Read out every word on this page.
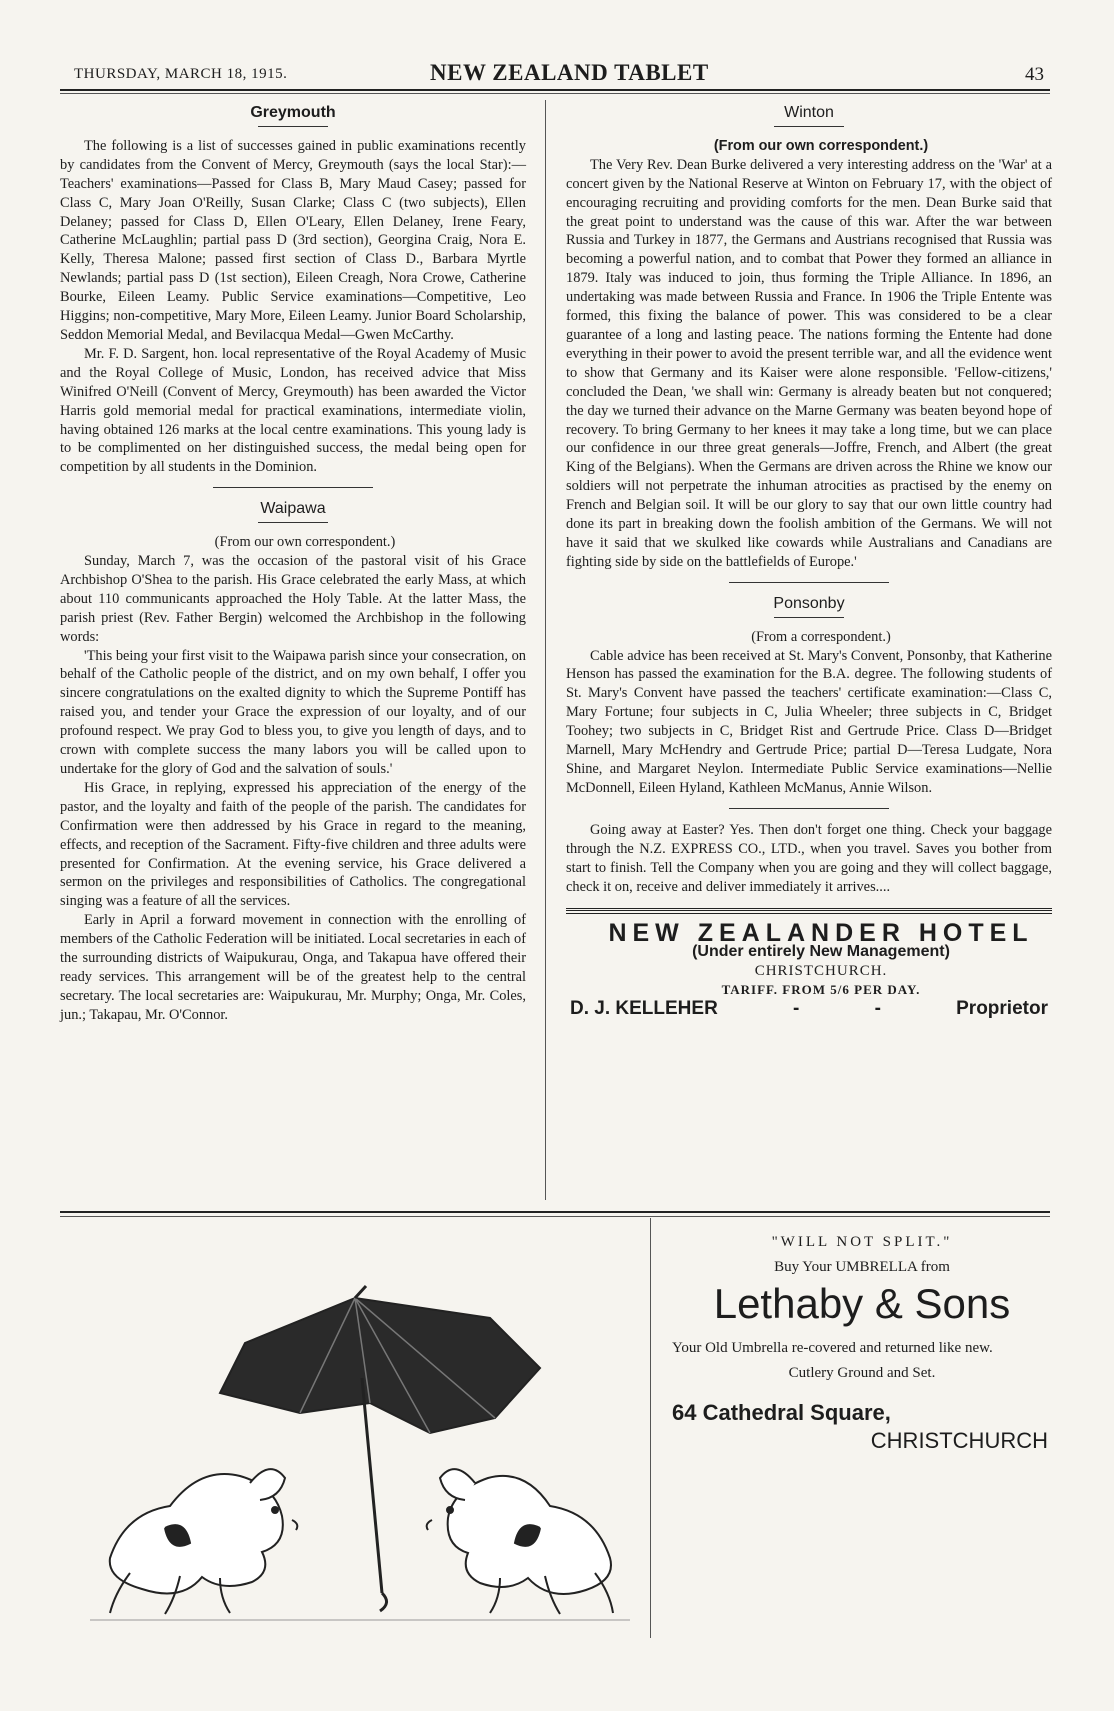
THURSDAY, MARCH 18, 1915.	NEW ZEALAND TABLET	43
Greymouth

The following is a list of successes gained in public examinations recently by candidates from the Convent of Mercy, Greymouth (says the local Star):—Teachers' examinations—Passed for Class B, Mary Maud Casey; passed for Class C, Mary Joan O'Reilly, Susan Clarke; Class C (two subjects), Ellen Delaney; passed for Class D, Ellen O'Leary, Ellen Delaney, Irene Feary, Catherine McLaughlin; partial pass D (3rd section), Georgina Craig, Nora E. Kelly, Theresa Malone; passed first section of Class D., Barbara Myrtle Newlands; partial pass D (1st section), Eileen Creagh, Nora Crowe, Catherine Bourke, Eileen Leamy. Public Service examinations—Competitive, Leo Higgins; non-competitive, Mary More, Eileen Leamy. Junior Board Scholarship, Seddon Memorial Medal, and Bevilacqua Medal—Gwen McCarthy.

Mr. F. D. Sargent, hon. local representative of the Royal Academy of Music and the Royal College of Music, London, has received advice that Miss Winifred O'Neill (Convent of Mercy, Greymouth) has been awarded the Victor Harris gold memorial medal for practical examinations, intermediate violin, having obtained 126 marks at the local centre examinations. This young lady is to be complimented on her distinguished success, the medal being open for competition by all students in the Dominion.

Waipawa

(From our own correspondent.)

Sunday, March 7, was the occasion of the pastoral visit of his Grace Archbishop O'Shea to the parish. His Grace celebrated the early Mass, at which about 110 communicants approached the Holy Table. At the latter Mass, the parish priest (Rev. Father Bergin) welcomed the Archbishop in the following words:

'This being your first visit to the Waipawa parish since your consecration, on behalf of the Catholic people of the district, and on my own behalf, I offer you sincere congratulations on the exalted dignity to which the Supreme Pontiff has raised you, and tender your Grace the expression of our loyalty, and of our profound respect. We pray God to bless you, to give you length of days, and to crown with complete success the many labors you will be called upon to undertake for the glory of God and the salvation of souls.'

His Grace, in replying, expressed his appreciation of the energy of the pastor, and the loyalty and faith of the people of the parish. The candidates for Confirmation were then addressed by his Grace in regard to the meaning, effects, and reception of the Sacrament. Fifty-five children and three adults were presented for Confirmation. At the evening service, his Grace delivered a sermon on the privileges and responsibilities of Catholics. The congregational singing was a feature of all the services.

Early in April a forward movement in connection with the enrolling of members of the Catholic Federation will be initiated. Local secretaries in each of the surrounding districts of Waipukurau, Onga, and Takapua have offered their ready services. This arrangement will be of the greatest help to the central secretary. The local secretaries are: Waipukurau, Mr. Murphy; Onga, Mr. Coles, jun.; Takapau, Mr. O'Connor.

Winton

(From our own correspondent.)

The Very Rev. Dean Burke delivered a very interesting address on the 'War' at a concert given by the National Reserve at Winton on February 17, with the object of encouraging recruiting and providing comforts for the men. Dean Burke said that the great point to understand was the cause of this war. After the war between Russia and Turkey in 1877, the Germans and Austrians recognised that Russia was becoming a powerful nation, and to combat that Power they formed an alliance in 1879. Italy was induced to join, thus forming the Triple Alliance. In 1896, an undertaking was made between Russia and France. In 1906 the Triple Entente was formed, this fixing the balance of power. This was considered to be a clear guarantee of a long and lasting peace. The nations forming the Entente had done everything in their power to avoid the present terrible war, and all the evidence went to show that Germany and its Kaiser were alone responsible. 'Fellow-citizens,' concluded the Dean, 'we shall win: Germany is already beaten but not conquered; the day we turned their advance on the Marne Germany was beaten beyond hope of recovery. To bring Germany to her knees it may take a long time, but we can place our confidence in our three great generals—Joffre, French, and Albert (the great King of the Belgians). When the Germans are driven across the Rhine we know our soldiers will not perpetrate the inhuman atrocities as practised by the enemy on French and Belgian soil. It will be our glory to say that our own little country had done its part in breaking down the foolish ambition of the Germans. We will not have it said that we skulked like cowards while Australians and Canadians are fighting side by side on the battlefields of Europe.'

Ponsonby

(From a correspondent.)

Cable advice has been received at St. Mary's Convent, Ponsonby, that Katherine Henson has passed the examination for the B.A. degree. The following students of St. Mary's Convent have passed the teachers' certificate examination:—Class C, Mary Fortune; four subjects in C, Julia Wheeler; three subjects in C, Bridget Toohey; two subjects in C, Bridget Rist and Gertrude Price. Class D—Bridget Marnell, Mary McHendry and Gertrude Price; partial D—Teresa Ludgate, Nora Shine, and Margaret Neylon. Intermediate Public Service examinations—Nellie McDonnell, Eileen Hyland, Kathleen McManus, Annie Wilson.

Going away at Easter? Yes. Then don't forget one thing. Check your baggage through the N.Z. EXPRESS CO., LTD., when you travel. Saves you bother from start to finish. Tell the Company when you are going and they will collect baggage, check it on, receive and deliver immediately it arrives....

NEW ZEALANDER HOTEL

(Under entirely New Management)

CHRISTCHURCH.

TARIFF. FROM 5/6 PER DAY.

D. J. KELLEHER	-	-	Proprietor

"WILL NOT SPLIT."

Buy Your UMBRELLA from

Lethaby & Sons

Your Old Umbrella re-covered and returned like new.

Cutlery Ground and Set.

64 Cathedral Square,

CHRISTCHURCH
